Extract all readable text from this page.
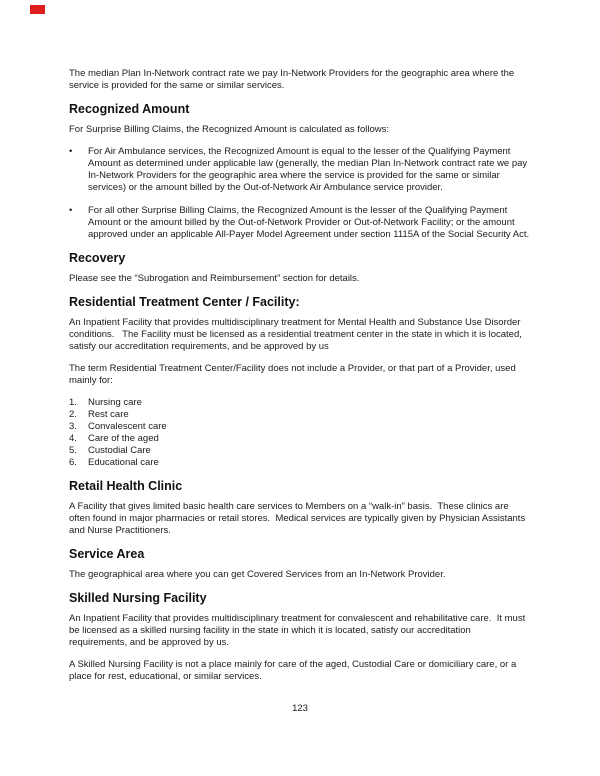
The median Plan In-Network contract rate we pay In-Network Providers for the geographic area where the service is provided for the same or similar services.

Recognized Amount

For Surprise Billing Claims, the Recognized Amount is calculated as follows:

•	For Air Ambulance services, the Recognized Amount is equal to the lesser of the Qualifying Payment Amount as determined under applicable law (generally, the median Plan In-Network contract rate we pay In-Network Providers for the geographic area where the service is provided for the same or similar services) or the amount billed by the Out-of-Network Air Ambulance service provider.
•	For all other Surprise Billing Claims, the Recognized Amount is the lesser of the Qualifying Payment Amount or the amount billed by the Out-of-Network Provider or Out-of-Network Facility; or the amount approved under an applicable All-Payer Model Agreement under section 1115A of the Social Security Act.
Recovery

Please see the “Subrogation and Reimbursement” section for details.

Residential Treatment Center / Facility:

An Inpatient Facility that provides multidisciplinary treatment for Mental Health and Substance Use Disorder conditions.   The Facility must be licensed as a residential treatment center in the state in which it is located, satisfy our accreditation requirements, and be approved by us

The term Residential Treatment Center/Facility does not include a Provider, or that part of a Provider, used mainly for:

1.	Nursing care
2.	Rest care
3.	Convalescent care
4.	Care of the aged
5.	Custodial Care
6.	Educational care
Retail Health Clinic

A Facility that gives limited basic health care services to Members on a “walk-in” basis.  These clinics are often found in major pharmacies or retail stores.  Medical services are typically given by Physician Assistants and Nurse Practitioners.

Service Area

The geographical area where you can get Covered Services from an In-Network Provider.

Skilled Nursing Facility

An Inpatient Facility that provides multidisciplinary treatment for convalescent and rehabilitative care.  It must be licensed as a skilled nursing facility in the state in which it is located, satisfy our accreditation requirements, and be approved by us.

A Skilled Nursing Facility is not a place mainly for care of the aged, Custodial Care or domiciliary care, or a place for rest, educational, or similar services.

123
